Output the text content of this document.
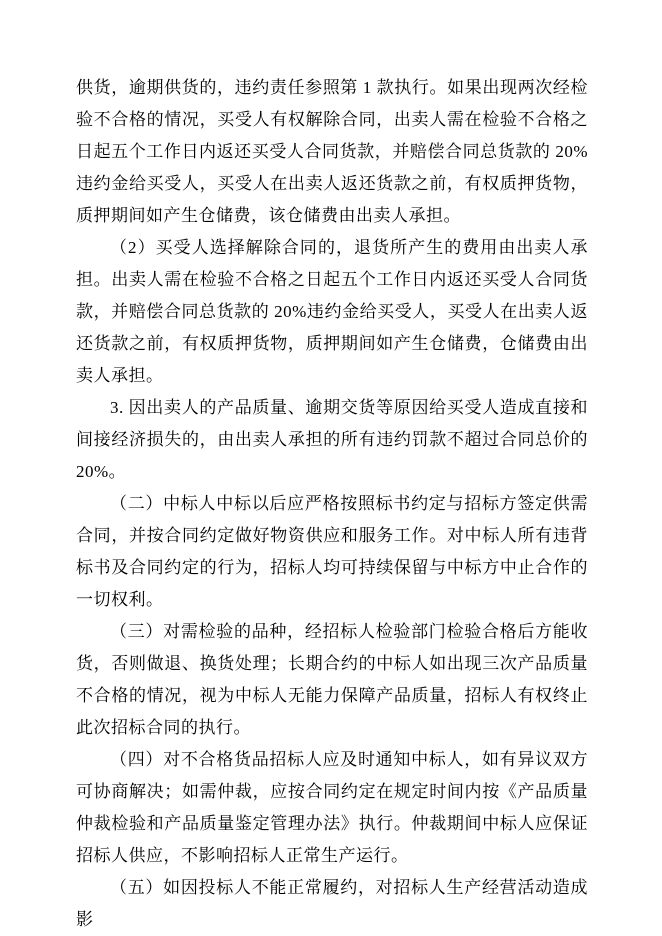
供货，逾期供货的，违约责任参照第 1 款执行。如果出现两次经检验不合格的情况，买受人有权解除合同，出卖人需在检验不合格之日起五个工作日内返还买受人合同货款，并赔偿合同总货款的 20%违约金给买受人，买受人在出卖人返还货款之前，有权质押货物，质押期间如产生仓储费，该仓储费由出卖人承担。

（2）买受人选择解除合同的，退货所产生的费用由出卖人承担。出卖人需在检验不合格之日起五个工作日内返还买受人合同货款，并赔偿合同总货款的 20%违约金给买受人，买受人在出卖人返还货款之前，有权质押货物，质押期间如产生仓储费，仓储费由出卖人承担。

3. 因出卖人的产品质量、逾期交货等原因给买受人造成直接和间接经济损失的，由出卖人承担的所有违约罚款不超过合同总价的 20%。

（二）中标人中标以后应严格按照标书约定与招标方签定供需合同，并按合同约定做好物资供应和服务工作。对中标人所有违背标书及合同约定的行为，招标人均可持续保留与中标方中止合作的一切权利。

（三）对需检验的品种，经招标人检验部门检验合格后方能收货，否则做退、换货处理；长期合约的中标人如出现三次产品质量不合格的情况，视为中标人无能力保障产品质量，招标人有权终止此次招标合同的执行。

（四）对不合格货品招标人应及时通知中标人，如有异议双方可协商解决；如需仲裁，应按合同约定在规定时间内按《产品质量仲裁检验和产品质量鉴定管理办法》执行。仲裁期间中标人应保证招标人供应，不影响招标人正常生产运行。

（五）如因投标人不能正常履约，对招标人生产经营活动造成影
